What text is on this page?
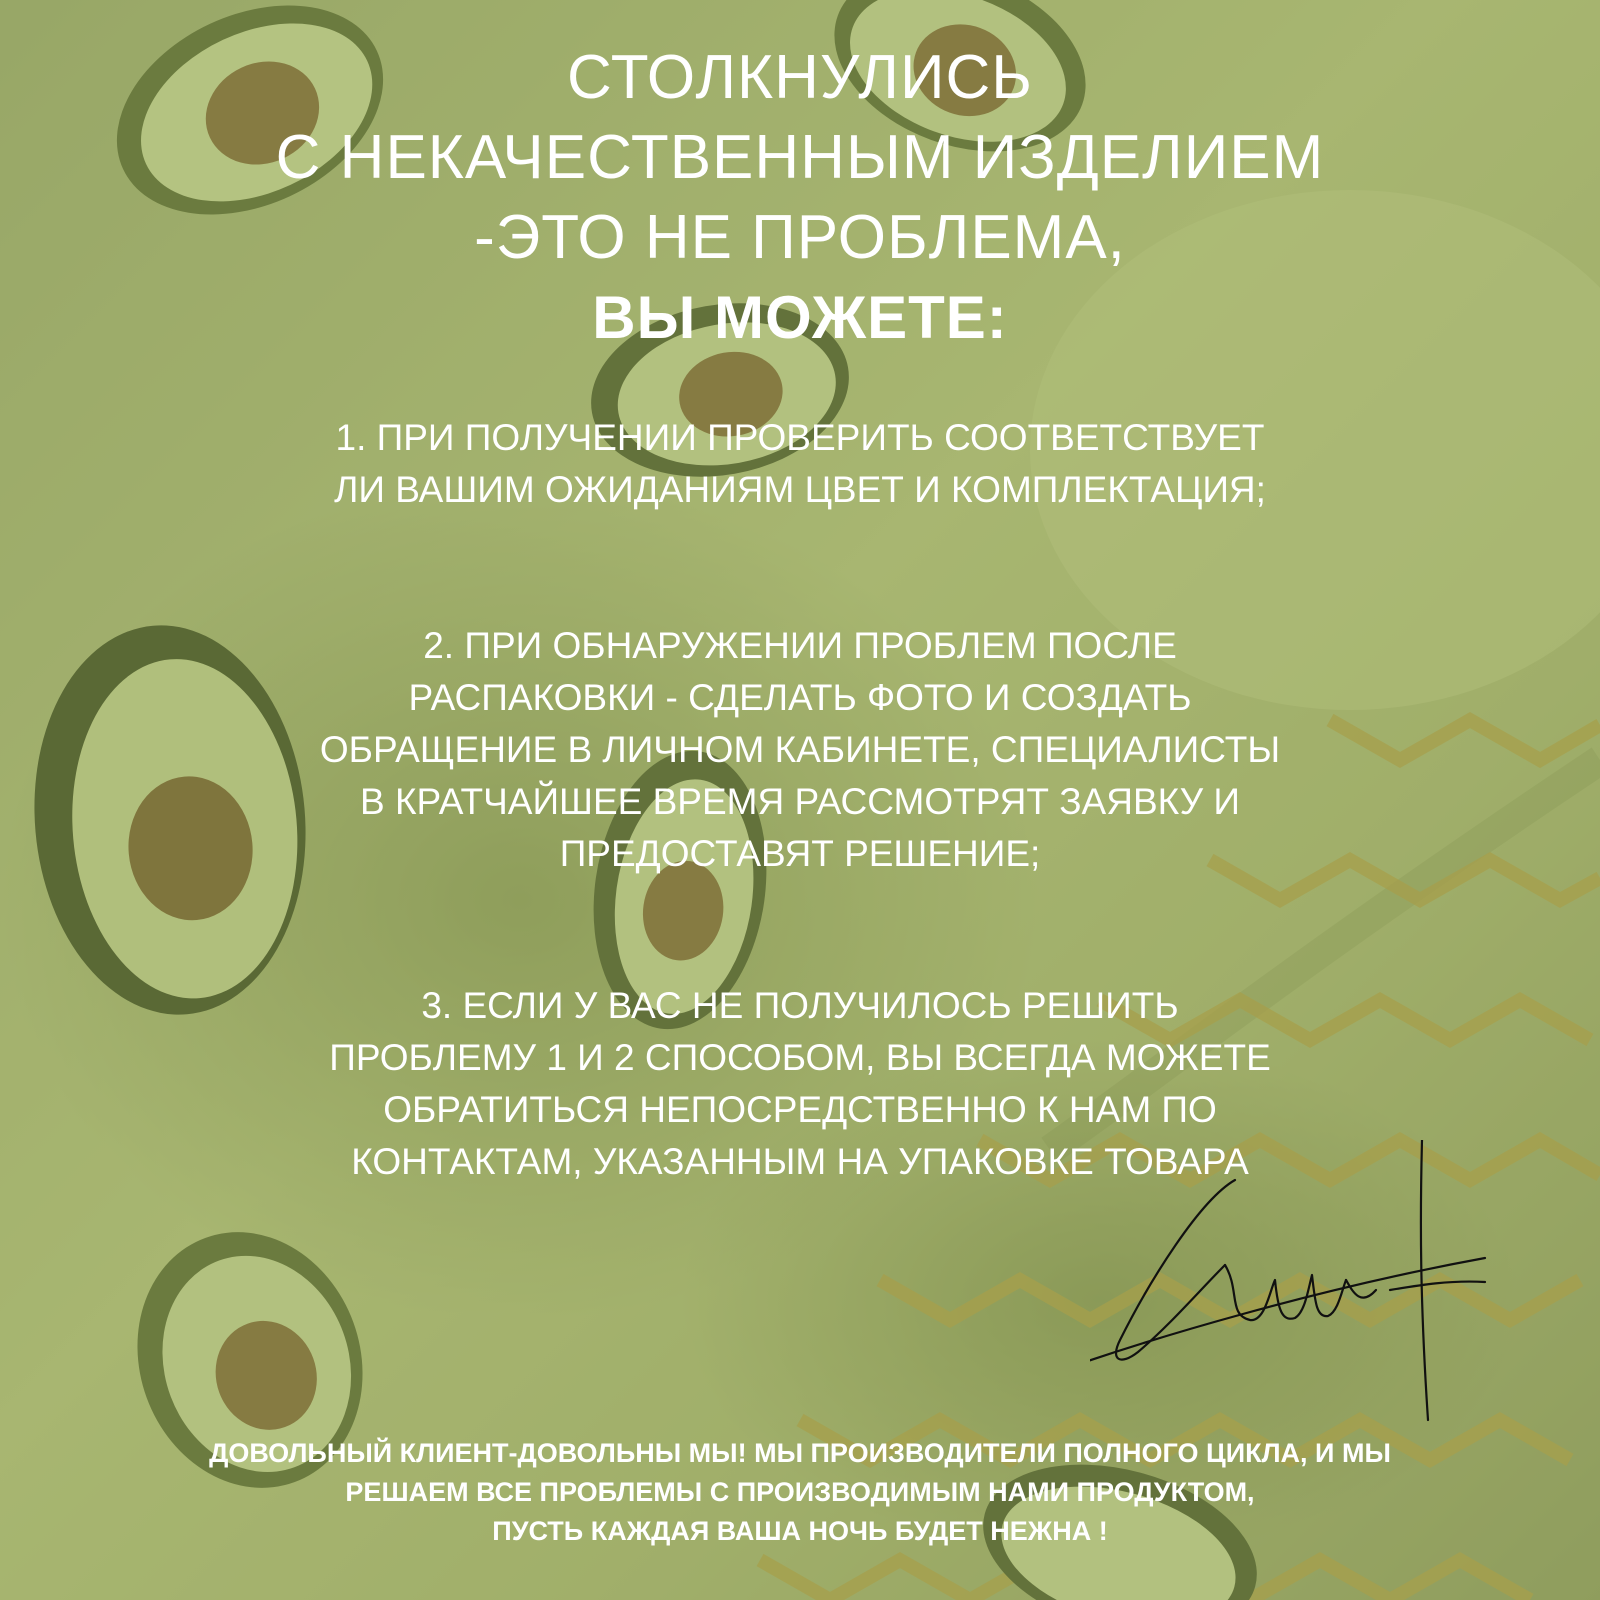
СТОЛКНУЛИСЬ
С НЕКАЧЕСТВЕННЫМ ИЗДЕЛИЕМ
-ЭТО НЕ ПРОБЛЕМА,
ВЫ МОЖЕТЕ:
1. ПРИ ПОЛУЧЕНИИ ПРОВЕРИТЬ СООТВЕТСТВУЕТ
ЛИ ВАШИМ ОЖИДАНИЯМ ЦВЕТ И КОМПЛЕКТАЦИЯ;
2. ПРИ ОБНАРУЖЕНИИ ПРОБЛЕМ ПОСЛЕ
РАСПАКОВКИ - СДЕЛАТЬ ФОТО И СОЗДАТЬ
ОБРАЩЕНИЕ В ЛИЧНОМ КАБИНЕТЕ, СПЕЦИАЛИСТЫ
В КРАТЧАЙШЕЕ ВРЕМЯ РАССМОТРЯТ ЗАЯВКУ И
ПРЕДОСТАВЯТ РЕШЕНИЕ;
3. ЕСЛИ У ВАС НЕ ПОЛУЧИЛОСЬ РЕШИТЬ
ПРОБЛЕМУ 1 И 2 СПОСОБОМ, ВЫ ВСЕГДА МОЖЕТЕ
ОБРАТИТЬСЯ НЕПОСРЕДСТВЕННО К НАМ ПО
КОНТАКТАМ, УКАЗАННЫМ НА УПАКОВКЕ ТОВАРА
ДОВОЛЬНЫЙ КЛИЕНТ-ДОВОЛЬНЫ МЫ! МЫ ПРОИЗВОДИТЕЛИ ПОЛНОГО ЦИКЛА, И МЫ
РЕШАЕМ ВСЕ ПРОБЛЕМЫ С ПРОИЗВОДИМЫМ НАМИ ПРОДУКТОМ,
ПУСТЬ КАЖДАЯ ВАША НОЧЬ БУДЕТ НЕЖНА !
